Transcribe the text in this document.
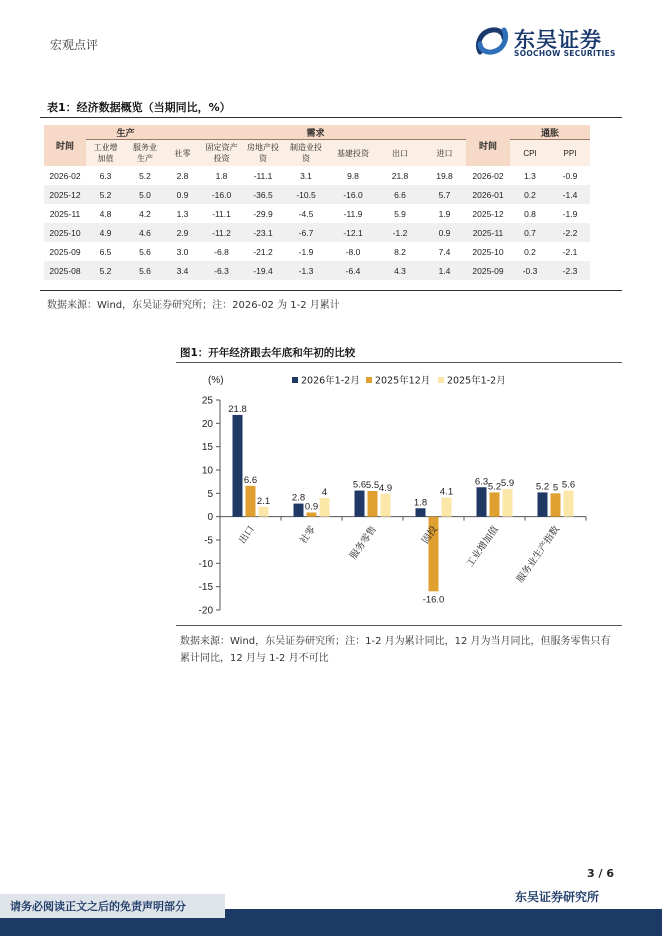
宏观点评	东吴证券
SOOCHOW SECURITIES
表1：经济数据概览（当期同比，%）
时间	生产		需求							时间	通胀	
	工业增加值	服务业生产	社零	固定资产投资	房地产投资	制造业投资	基建投资	出口	进口		CPI	PPI
2026-02	6.3	5.2	2.8	1.8	-11.1	3.1	9.8	21.8	19.8	2026-02	1.3	-0.9
2025-12	5.2	5.0	0.9	-16.0	-36.5	-10.5	-16.0	6.6	5.7	2026-01	0.2	-1.4
2025-11	4.8	4.2	1.3	-11.1	-29.9	-4.5	-11.9	5.9	1.9	2025-12	0.8	-1.9
2025-10	4.9	4.6	2.9	-11.2	-23.1	-6.7	-12.1	-1.2	0.9	2025-11	0.7	-2.2
2025-09	6.5	5.6	3.0	-6.8	-21.2	-1.9	-8.0	8.2	7.4	2025-10	0.2	-2.1
2025-08	5.2	5.6	3.4	-6.3	-19.4	-1.3	-6.4	4.3	1.4	2025-09	-0.3	-2.3
数据来源：Wind，东吴证券研究所；注：2026-02 为 1-2 月累计
图1：开年经济跟去年底和年初的比较
25
20
15
10
5
0
-5
-10
-15
-20
(%)
21.8
2.8
5.6
1.8
6.3	5.2
6.6
0.9
5.5
-16.0
5.2	5
2.1
4	4.9	4.1
5.9	5.6
出口	社零	服务零售	固投	工业增加值 服务业生产指数
2026年1-2月 2025年12月 2025年1-2月
数据来源：Wind，东吴证券研究所；注：1-2 月为累计同比，12 月为当月同比，但服务零售只有累计同比，12 月与 1-2 月不可比
3 / 6
请务必阅读正文之后的免责声明部分
东吴证券研究所
